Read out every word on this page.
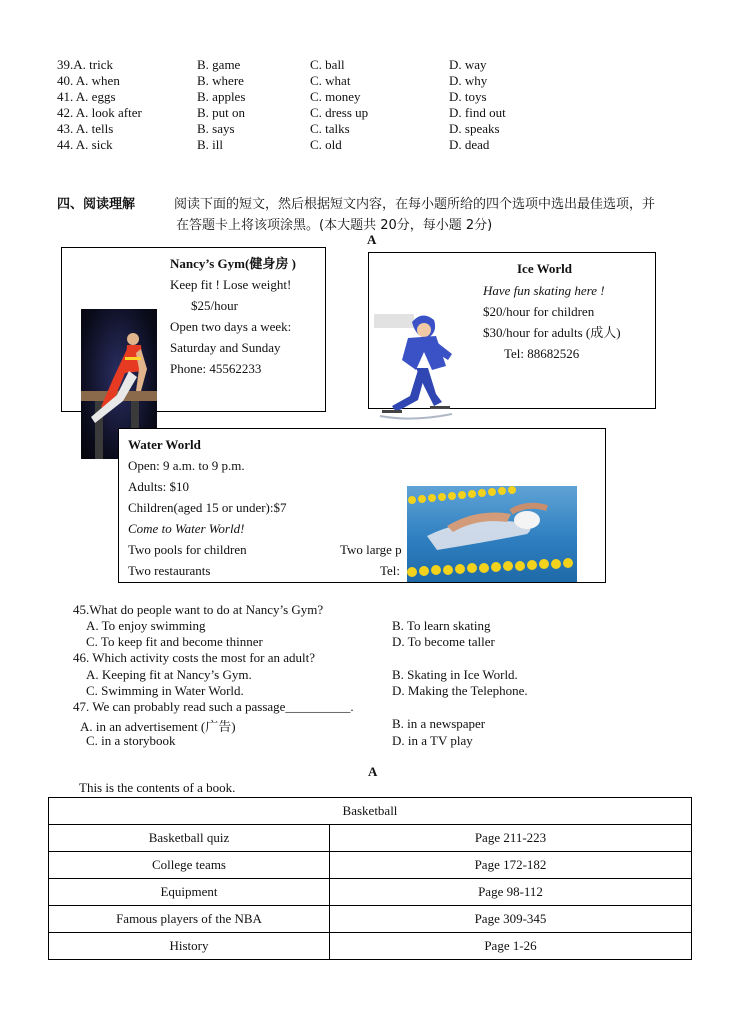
39.A. trick	B. game	C. ball	D. way
40. A. when	B. where	C. what	D. why
41. A. eggs	B. apples	C. money	D. toys
42. A. look after	B. put on	C. dress up	D. find out
43. A. tells	B. says	C. talks	D. speaks
44. A. sick	B. ill	C. old	D. dead
四、阅读理解	阅读下面的短文，然后根据短文内容，在每小题所给的四个选项中选出最佳选项，并
在答题卡上将该项涂黑。(本大题共 20分，每小题 2分)
A
Nancy’s Gym(健身房 )
Keep fit ! Lose weight!
$25/hour
Open two days a week:
Saturday and Sunday
Phone: 45562233
Ice World
Have fun skating here !
$20/hour for children
$30/hour for adults (成人)
Tel: 88682526
Water World
Open: 9 a.m. to 9 p.m.
Adults: $10
Children(aged 15 or under):$7
Come to Water World!
Two pools for children	Two large p
Two restaurants	Tel:
45.What do people want to do at Nancy’s Gym?
A. To enjoy swimming	B. To learn skating
C. To keep fit and become thinner	D. To become taller
46. Which activity costs the most for an adult?
A. Keeping fit at Nancy’s Gym.	B. Skating in Ice World.
C. Swimming in Water World.	D. Making the Telephone.
47. We can probably read such a passage__________.
A. in an advertisement (广告)	B. in a newspaper
C. in a storybook	D. in a TV play
A
This is the contents of a book.
Basketball	
Basketball quiz	Page 211-223
College teams	Page 172-182
Equipment	Page 98-112
Famous players of the NBA	Page 309-345
History	Page 1-26
